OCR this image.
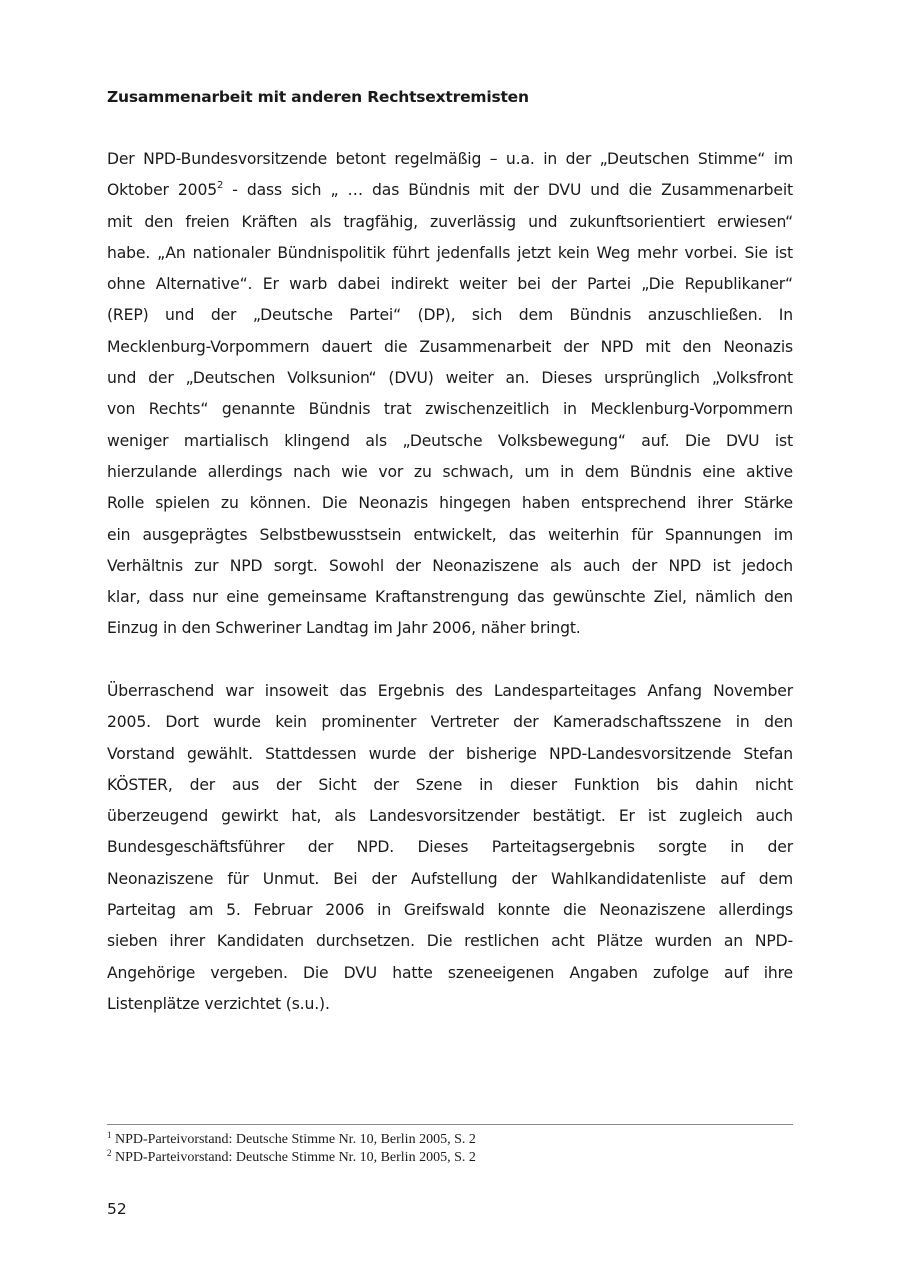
Zusammenarbeit mit anderen Rechtsextremisten

Der NPD-Bundesvorsitzende betont regelmäßig – u.a. in der „Deutschen Stimme“ im
Oktober 2005$^2$ - dass sich „ … das Bündnis mit der DVU und die Zusammenarbeit
mit den freien Kräften als tragfähig, zuverlässig und zukunftsorientiert erwiesen“
habe. „An nationaler Bündnispolitik führt jedenfalls jetzt kein Weg mehr vorbei. Sie ist
ohne Alternative“. Er warb dabei indirekt weiter bei der Partei „Die Republikaner“
(REP) und der „Deutsche Partei“ (DP), sich dem Bündnis anzuschließen. In
Mecklenburg-Vorpommern dauert die Zusammenarbeit der NPD mit den Neonazis
und der „Deutschen Volksunion“ (DVU) weiter an. Dieses ursprünglich „Volksfront
von Rechts“ genannte Bündnis trat zwischenzeitlich in Mecklenburg-Vorpommern
weniger martialisch klingend als „Deutsche Volksbewegung“ auf. Die DVU ist
hierzulande allerdings nach wie vor zu schwach, um in dem Bündnis eine aktive
Rolle spielen zu können. Die Neonazis hingegen haben entsprechend ihrer Stärke
ein ausgeprägtes Selbstbewusstsein entwickelt, das weiterhin für Spannungen im
Verhältnis zur NPD sorgt. Sowohl der Neonaziszene als auch der NPD ist jedoch
klar, dass nur eine gemeinsame Kraftanstrengung das gewünschte Ziel, nämlich den
Einzug in den Schweriner Landtag im Jahr 2006, näher bringt.

Überraschend war insoweit das Ergebnis des Landesparteitages Anfang November
2005. Dort wurde kein prominenter Vertreter der Kameradschaftsszene in den
Vorstand gewählt. Stattdessen wurde der bisherige NPD-Landesvorsitzende Stefan
KÖSTER, der aus der Sicht der Szene in dieser Funktion bis dahin nicht
überzeugend gewirkt hat, als Landesvorsitzender bestätigt. Er ist zugleich auch
Bundesgeschäftsführer der NPD. Dieses Parteitagsergebnis sorgte in der
Neonaziszene für Unmut. Bei der Aufstellung der Wahlkandidatenliste auf dem
Parteitag am 5. Februar 2006 in Greifswald konnte die Neonaziszene allerdings
sieben ihrer Kandidaten durchsetzen. Die restlichen acht Plätze wurden an NPD-
Angehörige vergeben. Die DVU hatte szeneeigenen Angaben zufolge auf ihre
Listenplätze verzichtet (s.u.).

$^1$ NPD-Parteivorstand: Deutsche Stimme Nr. 10, Berlin 2005, S. 2
$^2$ NPD-Parteivorstand: Deutsche Stimme Nr. 10, Berlin 2005, S. 2
52
